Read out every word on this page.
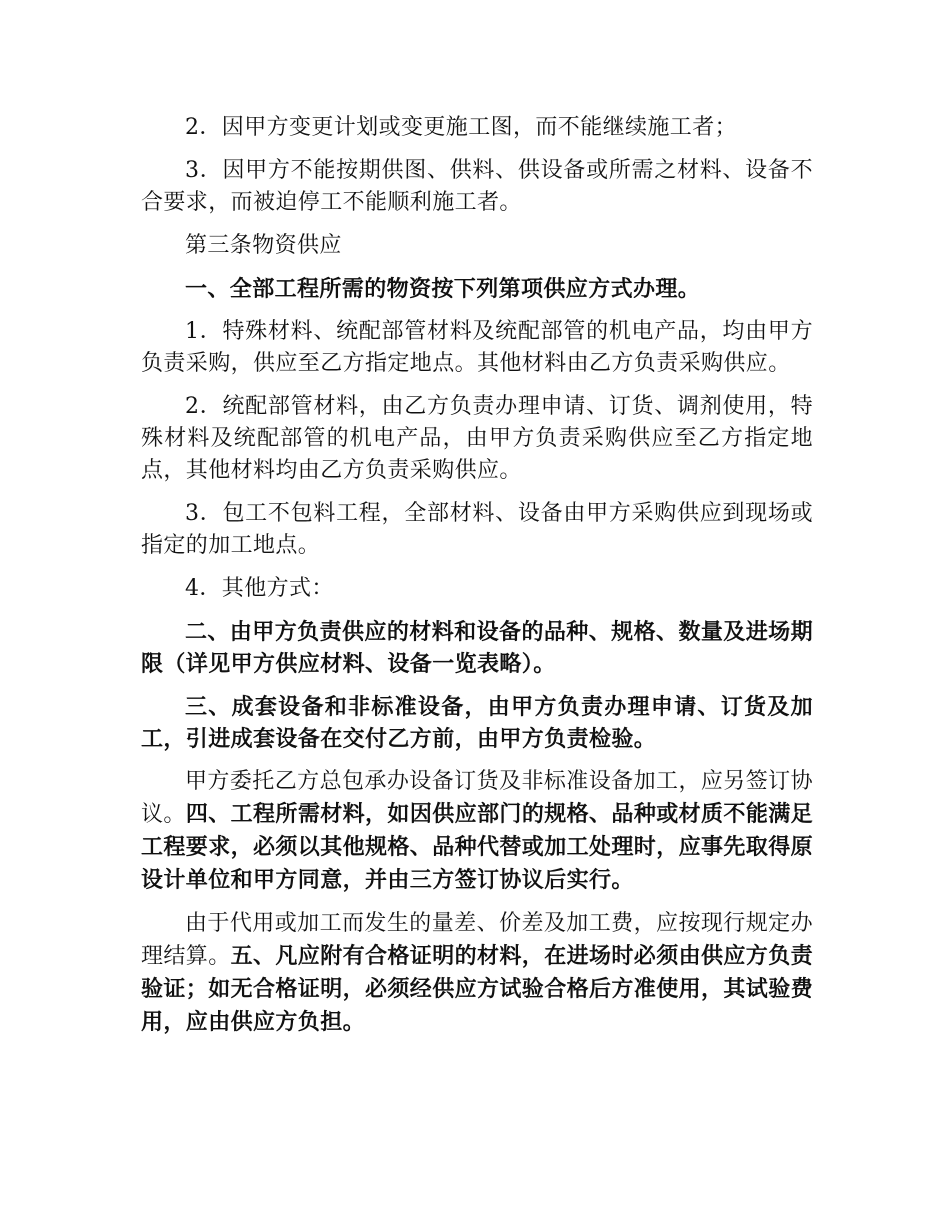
2．因甲方变更计划或变更施工图，而不能继续施工者；

3．因甲方不能按期供图、供料、供设备或所需之材料、设备不合要求，而被迫停工不能顺利施工者。

第三条物资供应

一、全部工程所需的物资按下列第项供应方式办理。

1．特殊材料、统配部管材料及统配部管的机电产品，均由甲方负责采购，供应至乙方指定地点。其他材料由乙方负责采购供应。

2．统配部管材料，由乙方负责办理申请、订货、调剂使用，特殊材料及统配部管的机电产品，由甲方负责采购供应至乙方指定地点，其他材料均由乙方负责采购供应。

3．包工不包料工程，全部材料、设备由甲方采购供应到现场或指定的加工地点。

4．其他方式：

二、由甲方负责供应的材料和设备的品种、规格、数量及进场期限（详见甲方供应材料、设备一览表略）。

三、成套设备和非标准设备，由甲方负责办理申请、订货及加工，引进成套设备在交付乙方前，由甲方负责检验。

甲方委托乙方总包承办设备订货及非标准设备加工，应另签订协议。四、工程所需材料，如因供应部门的规格、品种或材质不能满足工程要求，必须以其他规格、品种代替或加工处理时，应事先取得原设计单位和甲方同意，并由三方签订协议后实行。

由于代用或加工而发生的量差、价差及加工费，应按现行规定办理结算。五、凡应附有合格证明的材料，在进场时必须由供应方负责验证；如无合格证明，必须经供应方试验合格后方准使用，其试验费用，应由供应方负担。
